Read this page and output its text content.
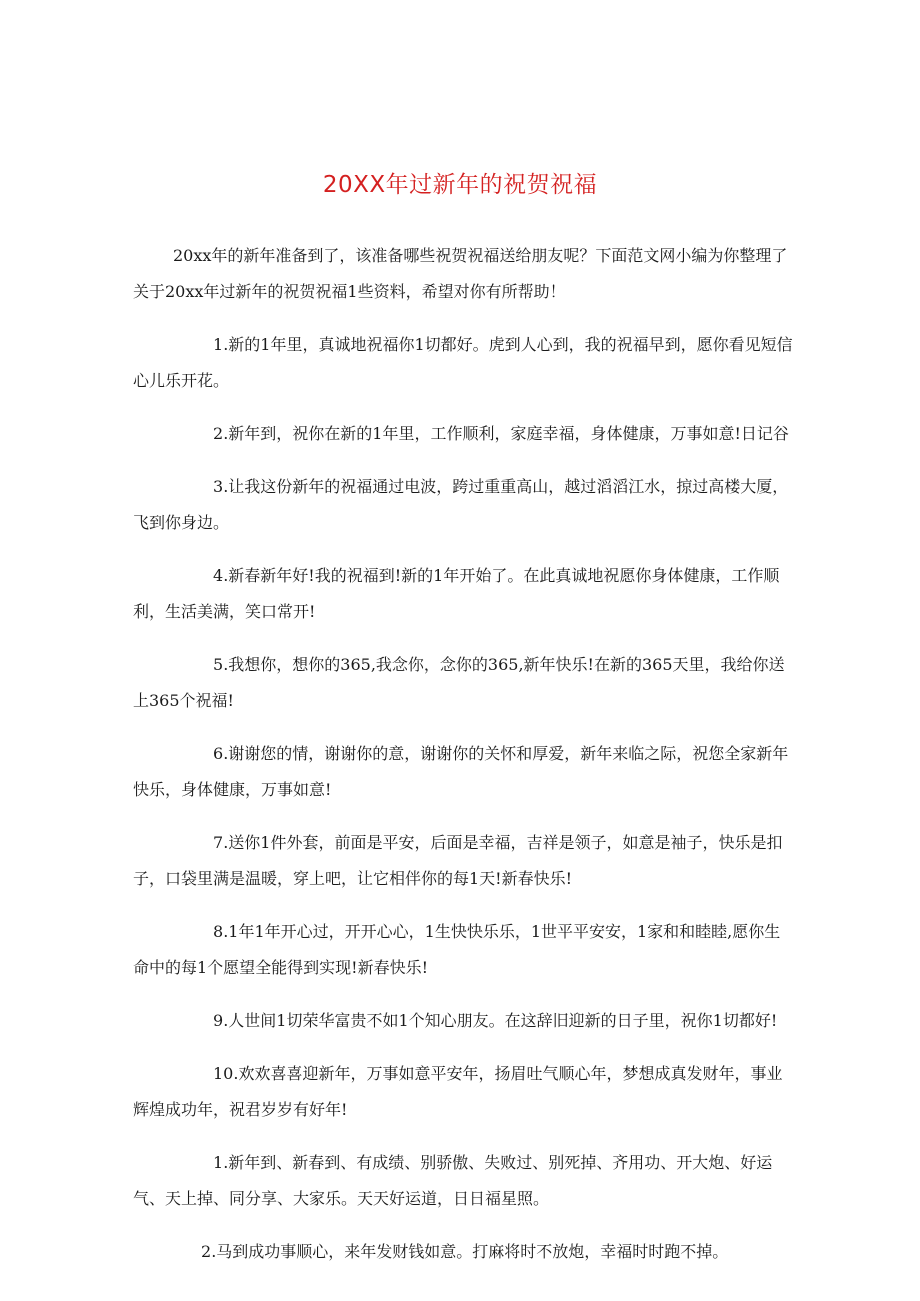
20XX年过新年的祝贺祝福

20xx年的新年准备到了，该准备哪些祝贺祝福送给朋友呢？下面范文网小编为你整理了关于20xx年过新年的祝贺祝福1些资料，希望对你有所帮助！

1.新的1年里，真诚地祝福你1切都好。虎到人心到，我的祝福早到，愿你看见短信心儿乐开花。

2.新年到，祝你在新的1年里，工作顺利，家庭幸福，身体健康，万事如意!日记谷

3.让我这份新年的祝福通过电波，跨过重重高山，越过滔滔江水，掠过高楼大厦，飞到你身边。

4.新春新年好!我的祝福到!新的1年开始了。在此真诚地祝愿你身体健康，工作顺利，生活美满，笑口常开!

5.我想你，想你的365,我念你，念你的365,新年快乐!在新的365天里，我给你送上365个祝福!

6.谢谢您的情，谢谢你的意，谢谢你的关怀和厚爱，新年来临之际，祝您全家新年快乐，身体健康，万事如意!

7.送你1件外套，前面是平安，后面是幸福，吉祥是领子，如意是袖子，快乐是扣子，口袋里满是温暖，穿上吧，让它相伴你的每1天!新春快乐!

8.1年1年开心过，开开心心，1生快快乐乐，1世平平安安，1家和和睦睦,愿你生命中的每1个愿望全能得到实现!新春快乐!

9.人世间1切荣华富贵不如1个知心朋友。在这辞旧迎新的日子里，祝你1切都好!

10.欢欢喜喜迎新年，万事如意平安年，扬眉吐气顺心年，梦想成真发财年，事业辉煌成功年，祝君岁岁有好年!

1.新年到、新春到、有成绩、别骄傲、失败过、别死掉、齐用功、开大炮、好运气、天上掉、同分享、大家乐。天天好运道，日日福星照。

2.马到成功事顺心，来年发财钱如意。打麻将时不放炮，幸福时时跑不掉。
